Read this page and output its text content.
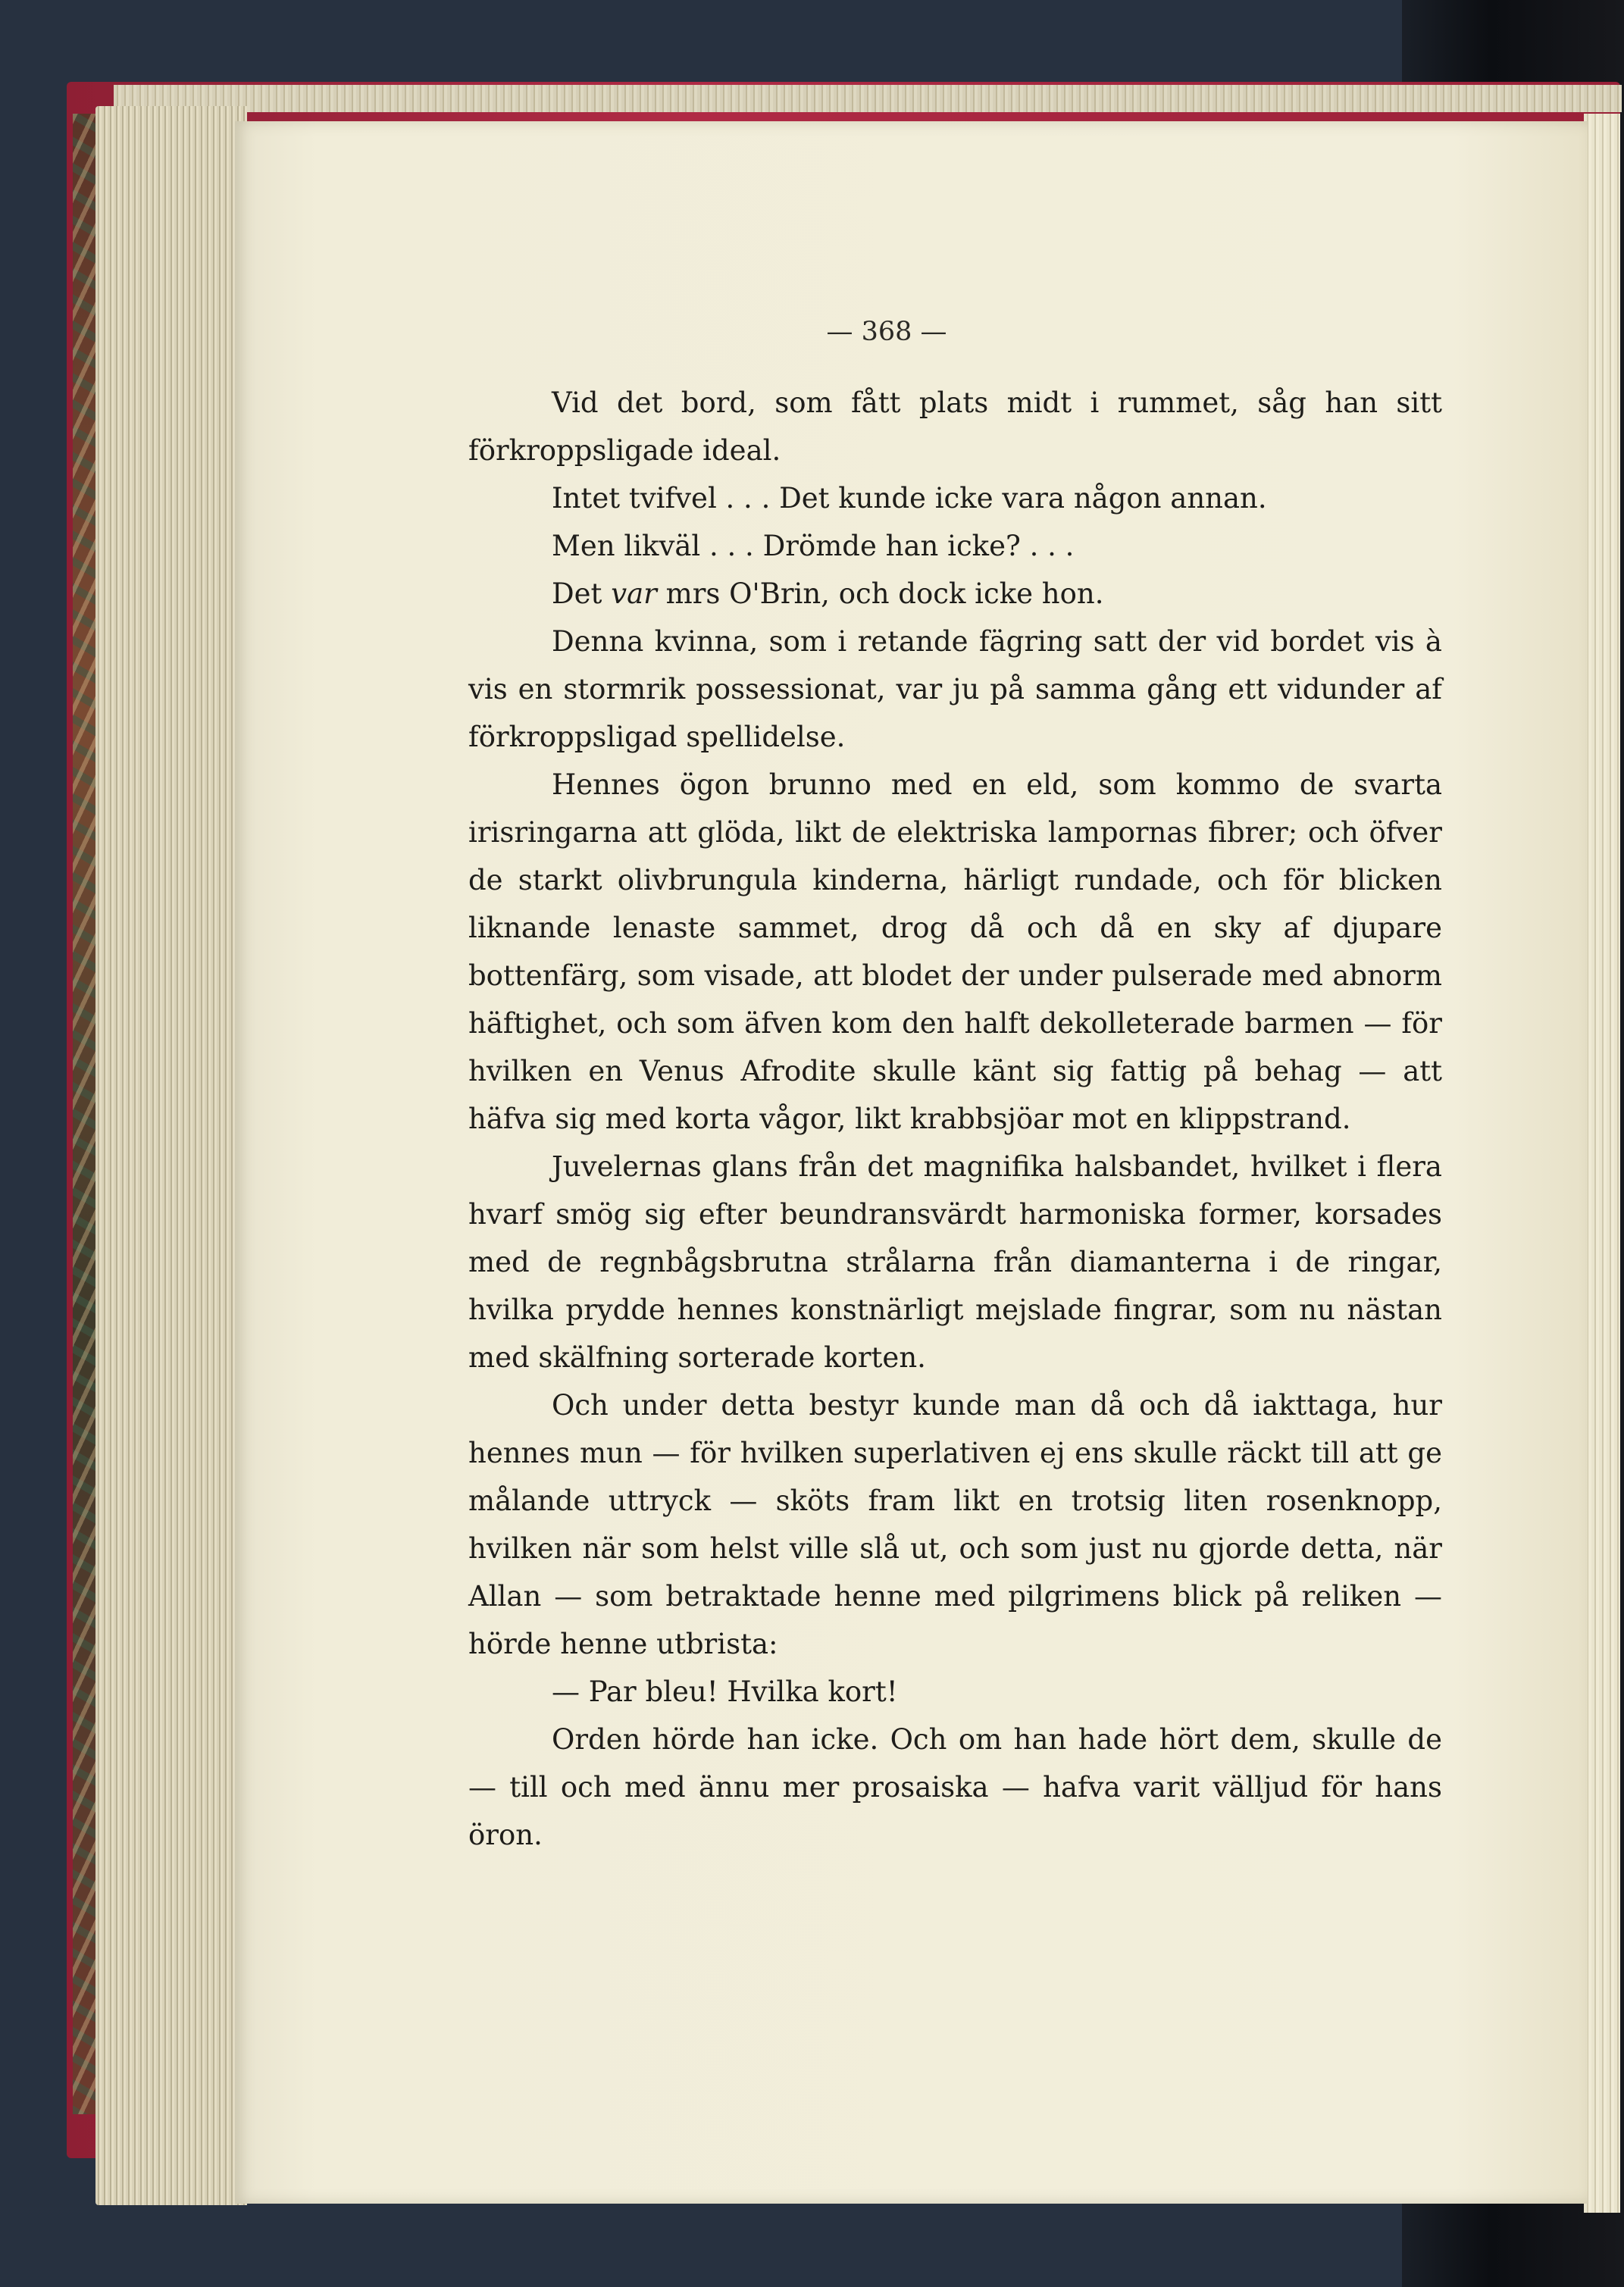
— 368 —

Vid det bord, som fått plats midt i rummet, såg han sitt förkroppsligade ideal.

Intet tvifvel . . . Det kunde icke vara någon annan.

Men likväl . . . Drömde han icke? . . .

Det var mrs O'Brin, och dock icke hon.

Denna kvinna, som i retande fägring satt der vid bordet vis à vis en stormrik possessionat, var ju på samma gång ett vidunder af förkroppsligad spellidelse.

Hennes ögon brunno med en eld, som kommo de svarta irisringarna att glöda, likt de elektriska lampornas fibrer; och öfver de starkt olivbrungula kinderna, härligt rundade, och för blicken liknande lenaste sammet, drog då och då en sky af djupare bottenfärg, som visade, att blodet der under pulserade med abnorm häftighet, och som äfven kom den halft dekolleterade barmen — för hvilken en Venus Afrodite skulle känt sig fattig på behag — att häfva sig med korta vågor, likt krabbsjöar mot en klippstrand.

Juvelernas glans från det magnifika halsbandet, hvilket i flera hvarf smög sig efter beundransvärdt harmoniska former, korsades med de regnbågsbrutna strålarna från diamanterna i de ringar, hvilka prydde hennes konstnärligt mejslade fingrar, som nu nästan med skälfning sorterade korten.

Och under detta bestyr kunde man då och då iakttaga, hur hennes mun — för hvilken superlativen ej ens skulle räckt till att ge målande uttryck — sköts fram likt en trotsig liten rosenknopp, hvilken när som helst ville slå ut, och som just nu gjorde detta, när Allan — som betraktade henne med pilgrimens blick på reliken — hörde henne utbrista:

— Par bleu! Hvilka kort!

Orden hörde han icke. Och om han hade hört dem, skulle de — till och med ännu mer prosaiska — hafva varit välljud för hans öron.
